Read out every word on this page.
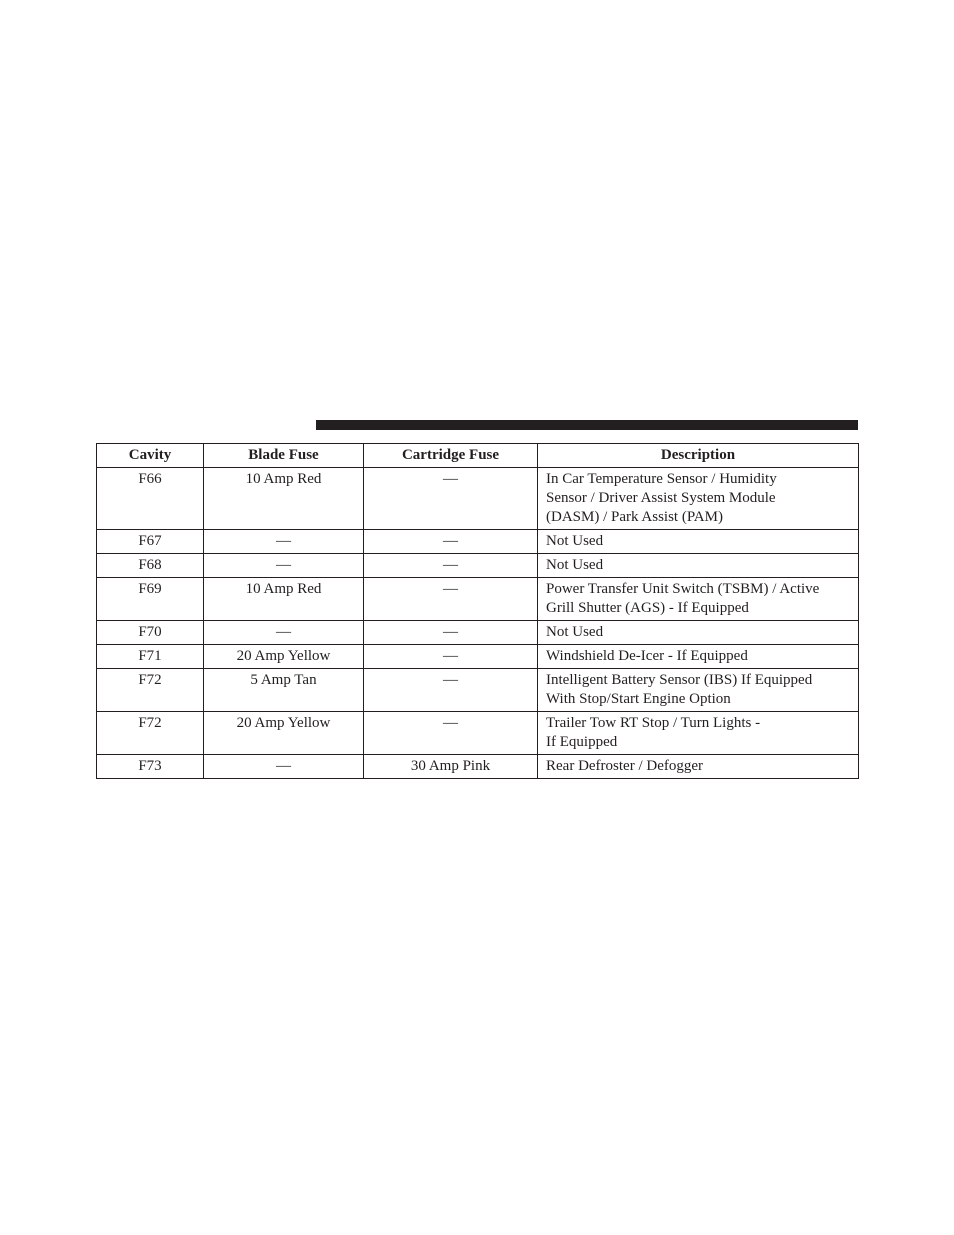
Cavity	Blade Fuse	Cartridge Fuse	Description
F66	10 Amp Red	—	In Car Temperature Sensor / Humidity
Sensor / Driver Assist System Module
(DASM) / Park Assist (PAM)
F67	—	—	Not Used
F68	—	—	Not Used
F69	10 Amp Red	—	Power Transfer Unit Switch (TSBM) / Active
Grill Shutter (AGS) - If Equipped
F70	—	—	Not Used
F71	20 Amp Yellow	—	Windshield De-Icer - If Equipped
F72	5 Amp Tan	—	Intelligent Battery Sensor (IBS) If Equipped
With Stop/Start Engine Option
F72	20 Amp Yellow	—	Trailer Tow RT Stop / Turn Lights -
If Equipped
F73	—	30 Amp Pink	Rear Defroster / Defogger
